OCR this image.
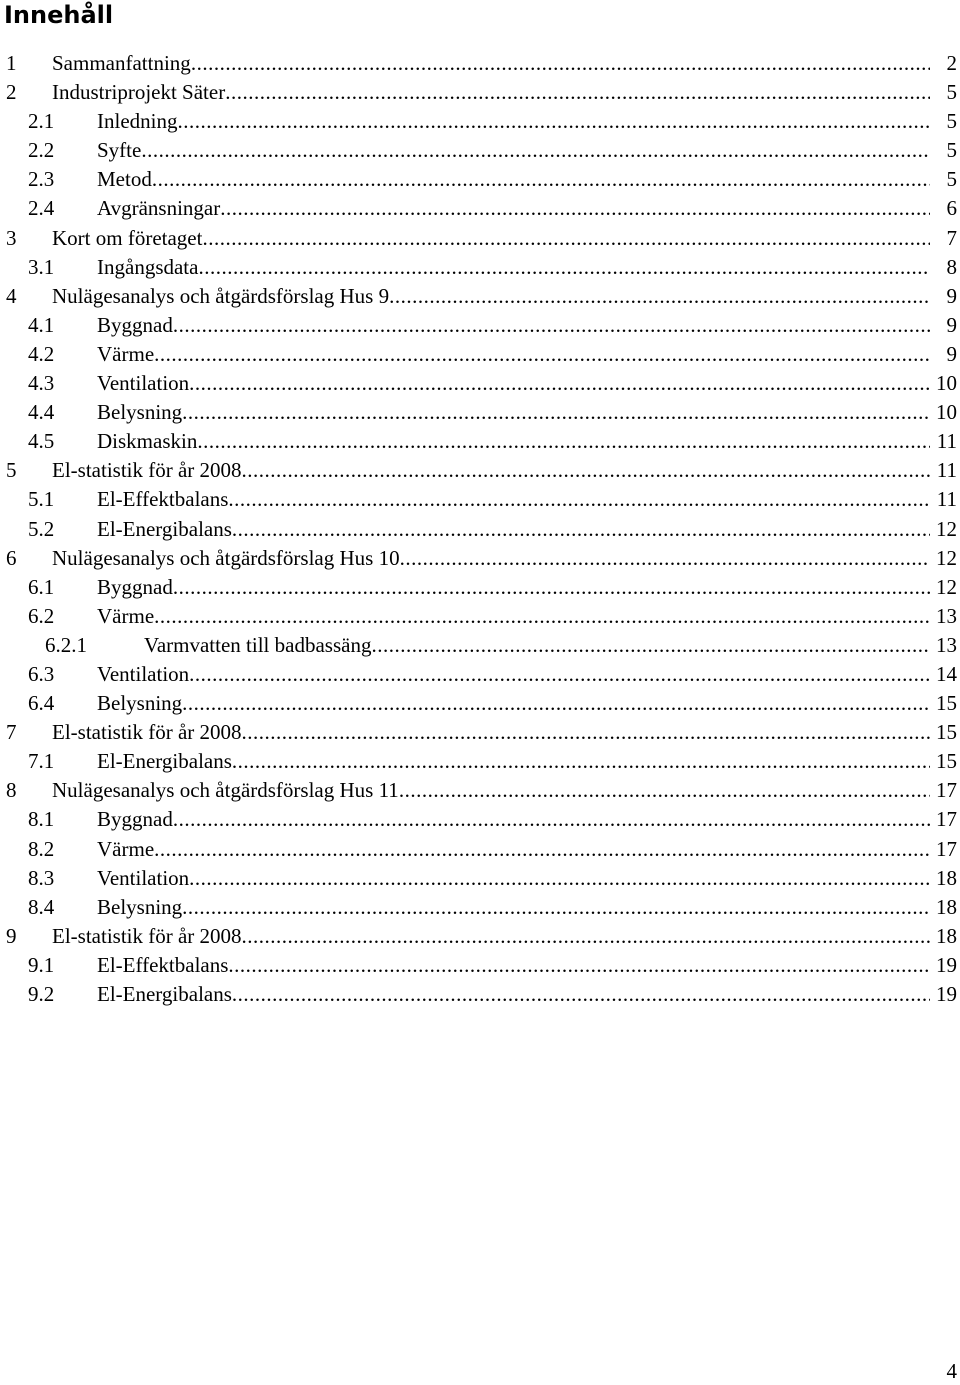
Innehåll
1 Sammanfattning .....	2
2 Industriprojekt Säter .....	5
2.1 Inledning .....	5
2.2 Syfte .....	5
2.3 Metod .....	5
2.4 Avgränsningar .....	6
3 Kort om företaget .....	7
3.1 Ingångsdata .....	8
4 Nulägesanalys och åtgärdsförslag Hus 9 .....	9
4.1 Byggnad .....	9
4.2 Värme .....	9
4.3 Ventilation .....	10
4.4 Belysning .....	10
4.5 Diskmaskin .....	11
5 El-statistik för år 2008 .....	11
5.1 El-Effektbalans .....	11
5.2 El-Energibalans .....	12
6 Nulägesanalys och åtgärdsförslag Hus 10 .....	12
6.1 Byggnad .....	12
6.2 Värme .....	13
6.2.1	Varmvatten till badbassäng .....	13
6.3 Ventilation .....	14
6.4 Belysning .....	15
7 El-statistik för år 2008 .....	15
7.1 El-Energibalans .....	15
8 Nulägesanalys och åtgärdsförslag Hus 11 .....	17
8.1 Byggnad .....	17
8.2 Värme .....	17
8.3 Ventilation .....	18
8.4 Belysning .....	18
9 El-statistik för år 2008 .....	18
9.1 El-Effektbalans .....	19
9.2 El-Energibalans .....	19
4
